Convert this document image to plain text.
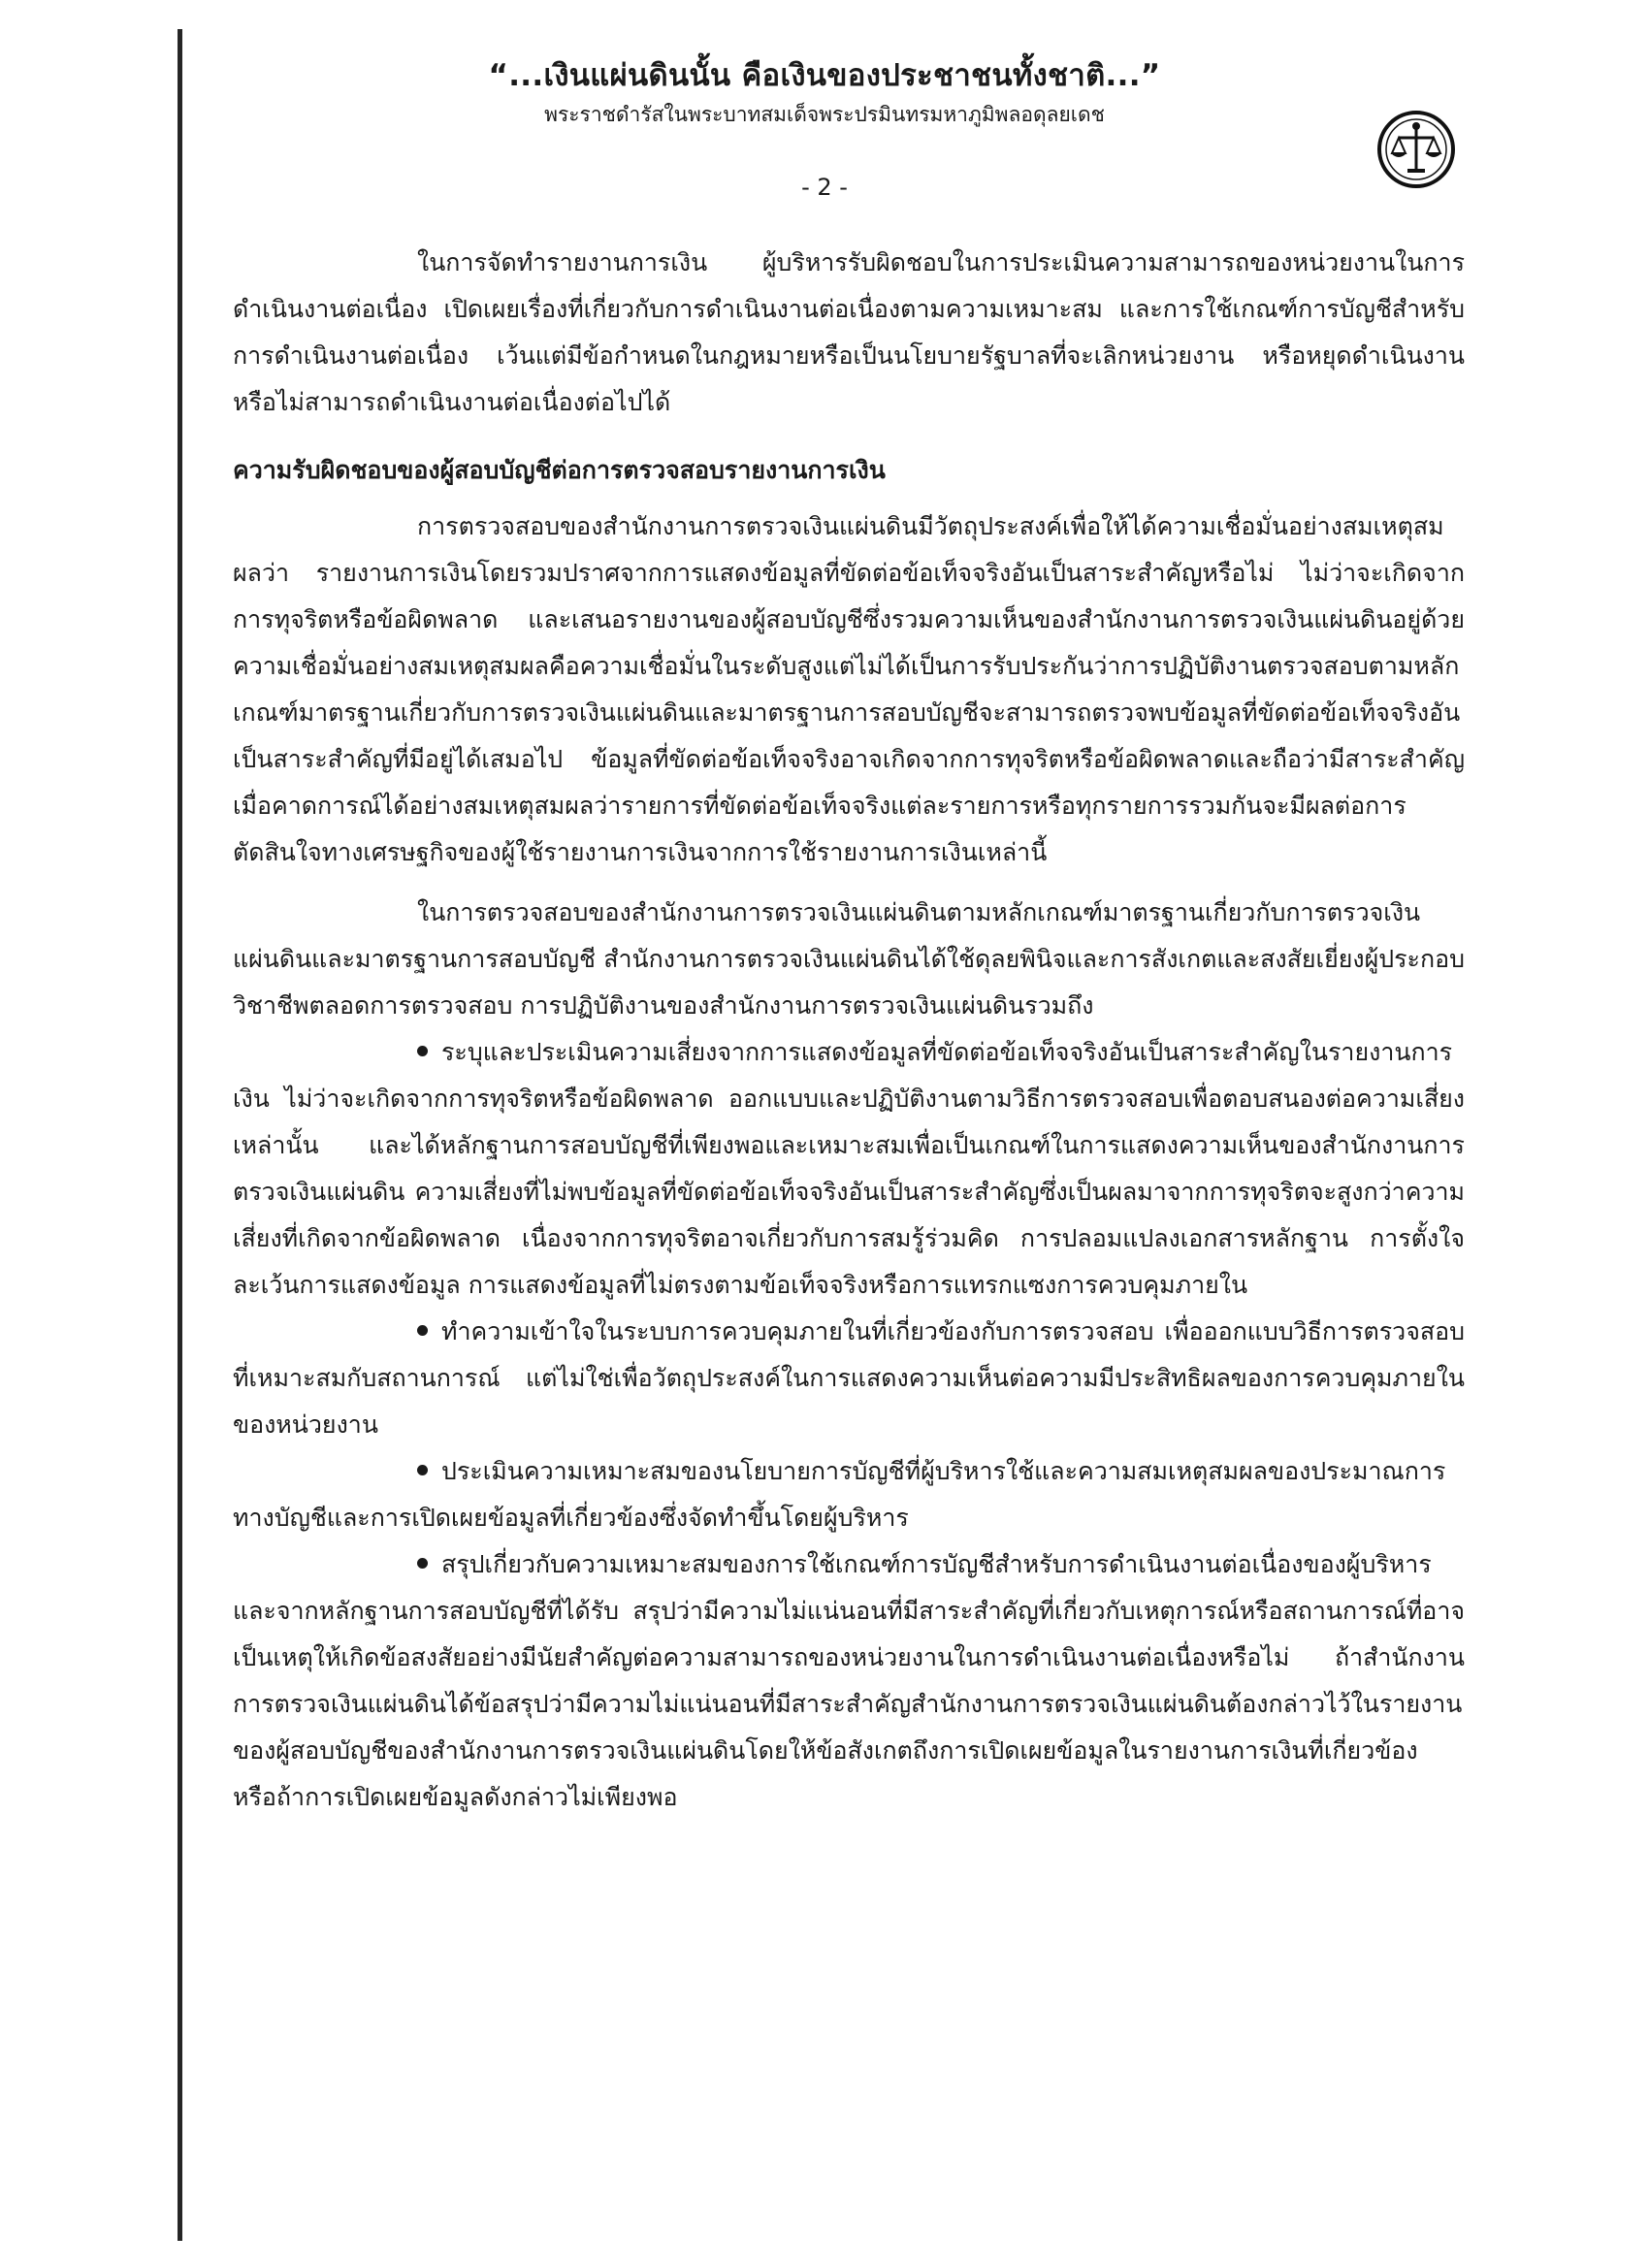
“...เงินแผ่นดินนั้น คือเงินของประชาชนทั้งชาติ...”
พระราชดำรัสในพระบาทสมเด็จพระปรมินทรมหาภูมิพลอดุลยเดช
- 2 -

ในการจัดทำรายงานการเงิน ผู้บริหารรับผิดชอบในการประเมินความสามารถของหน่วยงานในการดำเนินงานต่อเนื่อง เปิดเผยเรื่องที่เกี่ยวกับการดำเนินงานต่อเนื่องตามความเหมาะสม และการใช้เกณฑ์การบัญชีสำหรับการดำเนินงานต่อเนื่อง เว้นแต่มีข้อกำหนดในกฎหมายหรือเป็นนโยบายรัฐบาลที่จะเลิกหน่วยงาน หรือหยุดดำเนินงานหรือไม่สามารถดำเนินงานต่อเนื่องต่อไปได้

ความรับผิดชอบของผู้สอบบัญชีต่อการตรวจสอบรายงานการเงิน

การตรวจสอบของสำนักงานการตรวจเงินแผ่นดินมีวัตถุประสงค์เพื่อให้ได้ความเชื่อมั่นอย่างสมเหตุสมผลว่า รายงานการเงินโดยรวมปราศจากการแสดงข้อมูลที่ขัดต่อข้อเท็จจริงอันเป็นสาระสำคัญหรือไม่ ไม่ว่าจะเกิดจากการทุจริตหรือข้อผิดพลาด และเสนอรายงานของผู้สอบบัญชีซึ่งรวมความเห็นของสำนักงานการตรวจเงินแผ่นดินอยู่ด้วย ความเชื่อมั่นอย่างสมเหตุสมผลคือความเชื่อมั่นในระดับสูงแต่ไม่ได้เป็นการรับประกันว่าการปฏิบัติงานตรวจสอบตามหลักเกณฑ์มาตรฐานเกี่ยวกับการตรวจเงินแผ่นดินและมาตรฐานการสอบบัญชีจะสามารถตรวจพบข้อมูลที่ขัดต่อข้อเท็จจริงอันเป็นสาระสำคัญที่มีอยู่ได้เสมอไป ข้อมูลที่ขัดต่อข้อเท็จจริงอาจเกิดจากการทุจริตหรือข้อผิดพลาดและถือว่ามีสาระสำคัญเมื่อคาดการณ์ได้อย่างสมเหตุสมผลว่ารายการที่ขัดต่อข้อเท็จจริงแต่ละรายการหรือทุกรายการรวมกันจะมีผลต่อการตัดสินใจทางเศรษฐกิจของผู้ใช้รายงานการเงินจากการใช้รายงานการเงินเหล่านี้

ในการตรวจสอบของสำนักงานการตรวจเงินแผ่นดินตามหลักเกณฑ์มาตรฐานเกี่ยวกับการตรวจเงินแผ่นดินและมาตรฐานการสอบบัญชี สำนักงานการตรวจเงินแผ่นดินได้ใช้ดุลยพินิจและการสังเกตและสงสัยเยี่ยงผู้ประกอบวิชาชีพตลอดการตรวจสอบ การปฏิบัติงานของสำนักงานการตรวจเงินแผ่นดินรวมถึง

ระบุและประเมินความเสี่ยงจากการแสดงข้อมูลที่ขัดต่อข้อเท็จจริงอันเป็นสาระสำคัญในรายงานการเงิน ไม่ว่าจะเกิดจากการทุจริตหรือข้อผิดพลาด ออกแบบและปฏิบัติงานตามวิธีการตรวจสอบเพื่อตอบสนองต่อความเสี่ยงเหล่านั้น และได้หลักฐานการสอบบัญชีที่เพียงพอและเหมาะสมเพื่อเป็นเกณฑ์ในการแสดงความเห็นของสำนักงานการตรวจเงินแผ่นดิน ความเสี่ยงที่ไม่พบข้อมูลที่ขัดต่อข้อเท็จจริงอันเป็นสาระสำคัญซึ่งเป็นผลมาจากการทุจริตจะสูงกว่าความเสี่ยงที่เกิดจากข้อผิดพลาด เนื่องจากการทุจริตอาจเกี่ยวกับการสมรู้ร่วมคิด การปลอมแปลงเอกสารหลักฐาน การตั้งใจละเว้นการแสดงข้อมูล การแสดงข้อมูลที่ไม่ตรงตามข้อเท็จจริงหรือการแทรกแซงการควบคุมภายใน

ทำความเข้าใจในระบบการควบคุมภายในที่เกี่ยวข้องกับการตรวจสอบ เพื่อออกแบบวิธีการตรวจสอบที่เหมาะสมกับสถานการณ์ แต่ไม่ใช่เพื่อวัตถุประสงค์ในการแสดงความเห็นต่อความมีประสิทธิผลของการควบคุมภายในของหน่วยงาน

ประเมินความเหมาะสมของนโยบายการบัญชีที่ผู้บริหารใช้และความสมเหตุสมผลของประมาณการทางบัญชีและการเปิดเผยข้อมูลที่เกี่ยวข้องซึ่งจัดทำขึ้นโดยผู้บริหาร

สรุปเกี่ยวกับความเหมาะสมของการใช้เกณฑ์การบัญชีสำหรับการดำเนินงานต่อเนื่องของผู้บริหารและจากหลักฐานการสอบบัญชีที่ได้รับ สรุปว่ามีความไม่แน่นอนที่มีสาระสำคัญที่เกี่ยวกับเหตุการณ์หรือสถานการณ์ที่อาจเป็นเหตุให้เกิดข้อสงสัยอย่างมีนัยสำคัญต่อความสามารถของหน่วยงานในการดำเนินงานต่อเนื่องหรือไม่ ถ้าสำนักงานการตรวจเงินแผ่นดินได้ข้อสรุปว่ามีความไม่แน่นอนที่มีสาระสำคัญสำนักงานการตรวจเงินแผ่นดินต้องกล่าวไว้ในรายงานของผู้สอบบัญชีของสำนักงานการตรวจเงินแผ่นดินโดยให้ข้อสังเกตถึงการเปิดเผยข้อมูลในรายงานการเงินที่เกี่ยวข้อง หรือถ้าการเปิดเผยข้อมูลดังกล่าวไม่เพียงพอ
